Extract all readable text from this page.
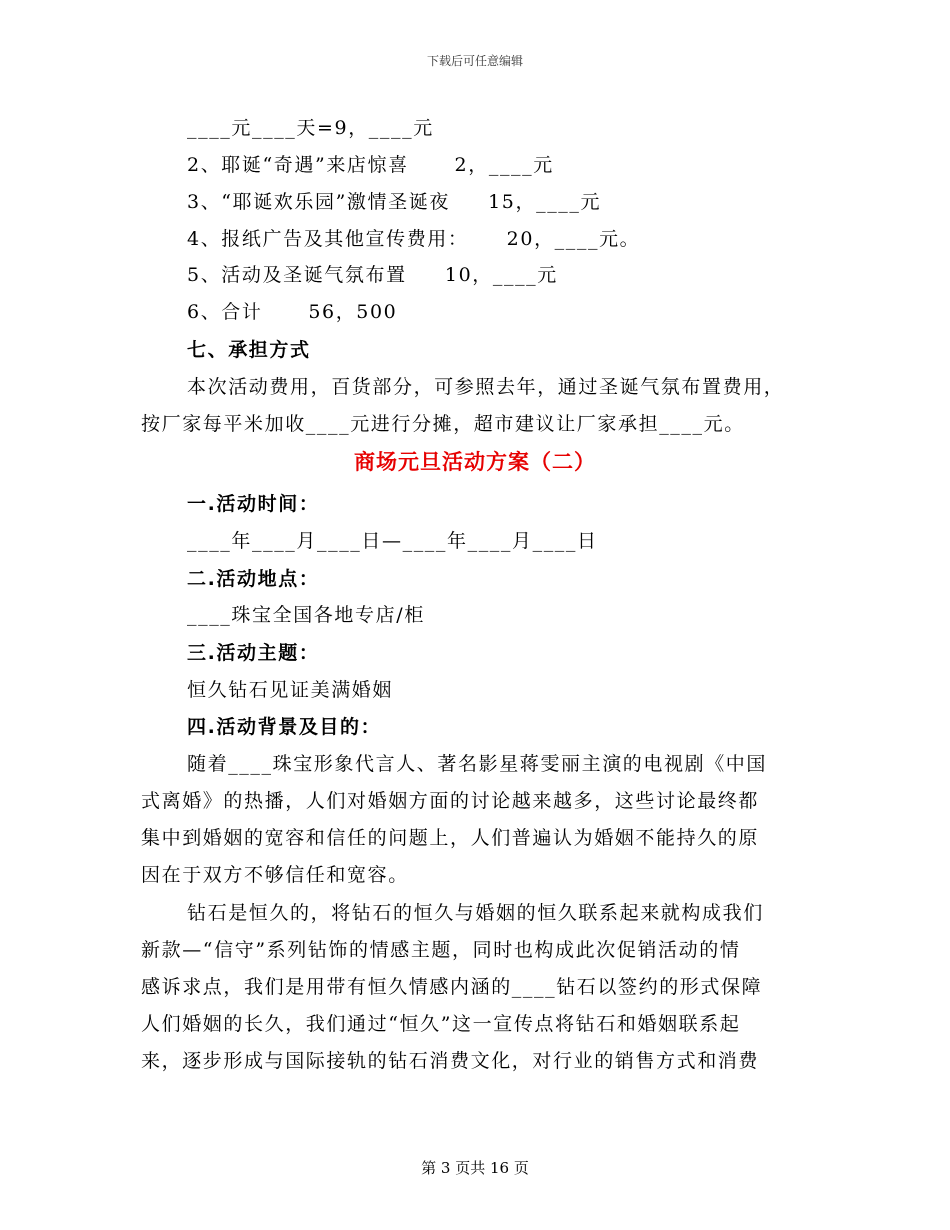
下载后可任意编辑
____元____天=9，____元
2、耶诞“奇遇”来店惊喜      2，____元
3、“耶诞欢乐园”激情圣诞夜     15，____元
4、报纸广告及其他宣传费用：     20，____元。
5、活动及圣诞气氛布置     10，____元
6、合计      56，500
七、承担方式
本次活动费用，百货部分，可参照去年，通过圣诞气氛布置费用，
按厂家每平米加收____元进行分摊，超市建议让厂家承担____元。
商场元旦活动方案（二）
一.活动时间：
____年____月____日—____年____月____日
二.活动地点：
____珠宝全国各地专店/柜
三.活动主题：
恒久钻石见证美满婚姻
四.活动背景及目的：
随着____珠宝形象代言人、著名影星蒋雯丽主演的电视剧《中国
式离婚》的热播，人们对婚姻方面的讨论越来越多，这些讨论最终都
集中到婚姻的宽容和信任的问题上，人们普遍认为婚姻不能持久的原
因在于双方不够信任和宽容。
钻石是恒久的，将钻石的恒久与婚姻的恒久联系起来就构成我们
新款—“信守”系列钻饰的情感主题，同时也构成此次促销活动的情
感诉求点，我们是用带有恒久情感内涵的____钻石以签约的形式保障
人们婚姻的长久，我们通过“恒久”这一宣传点将钻石和婚姻联系起
来，逐步形成与国际接轨的钻石消费文化，对行业的销售方式和消费
第 3 页共 16 页
